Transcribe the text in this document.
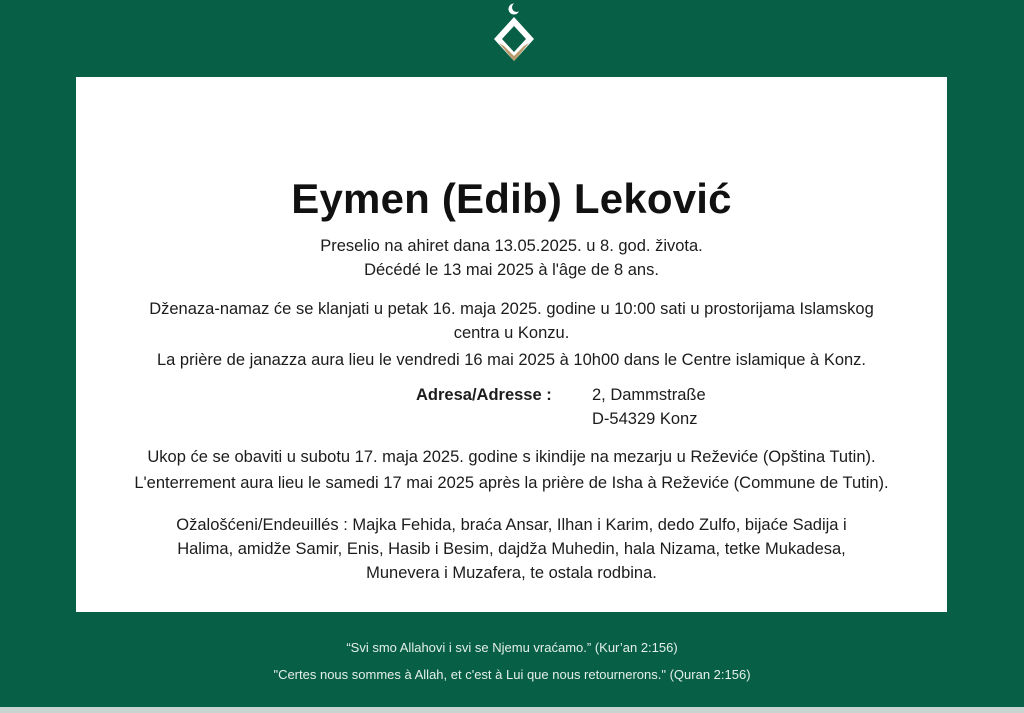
Eymen (Edib) Leković

Preselio na ahiret dana 13.05.2025. u 8. god. života.

Décédé le 13 mai 2025 à l'âge de 8 ans.

Dženaza-namaz će se klanjati u petak 16. maja 2025. godine u 10:00 sati u prostorijama Islamskog

centra u Konzu.

La prière de janazza aura lieu le vendredi 16 mai 2025 à 10h00 dans le Centre islamique à Konz.

Adresa/Adresse : 2, Dammstraße
D-54329 Konz

Ukop će se obaviti u subotu 17. maja 2025. godine s ikindije na mezarju u Reževiće (Opština Tutin).

L'enterrement aura lieu le samedi 17 mai 2025 après la prière de Isha à Reževiće (Commune de Tutin).

Ožalošćeni/Endeuillés : Majka Fehida, braća Ansar, Ilhan i Karim, dedo Zulfo, bijaće Sadija i

Halima, amidže Samir, Enis, Hasib i Besim, dajdža Muhedin, hala Nizama, tetke Mukadesa,

Munevera i Muzafera, te ostala rodbina.

“Svi smo Allahovi i svi se Njemu vraćamo.” (Kur’an 2:156)
"Certes nous sommes à Allah, et c'est à Lui que nous retournerons." (Quran 2:156)
